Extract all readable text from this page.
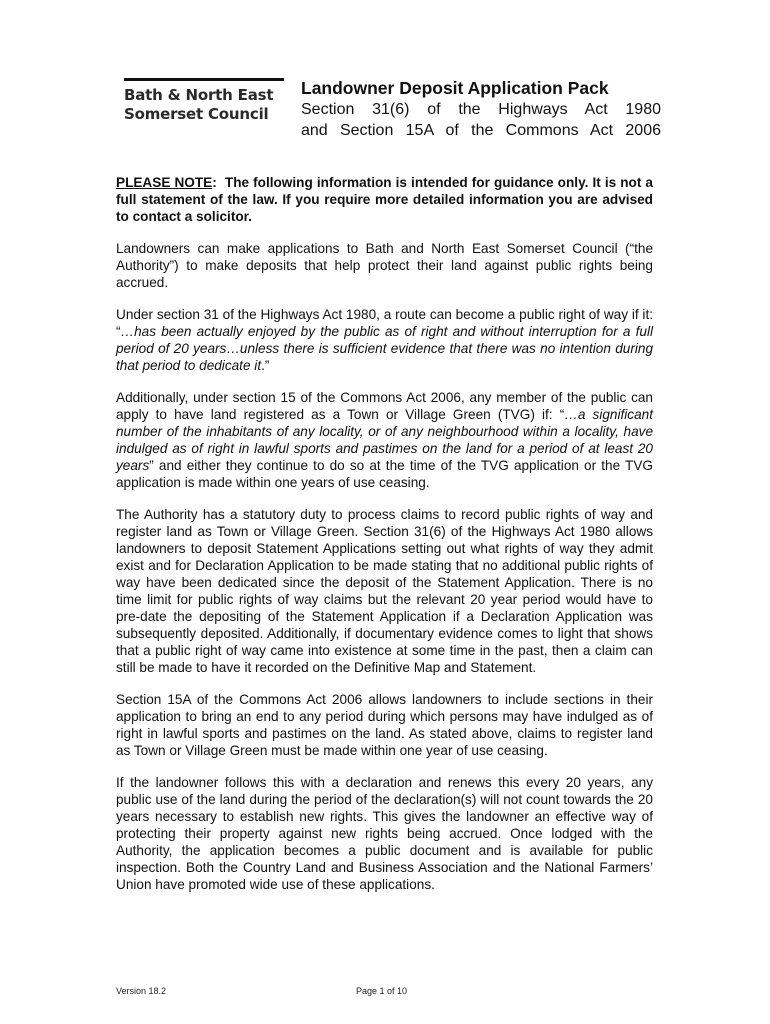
Bath & North East
Somerset Council
Landowner Deposit Application Pack
Section 31(6) of the Highways Act 1980
and Section 15A of the Commons Act 2006

PLEASE NOTE: The following information is intended for guidance only. It is not a full statement of the law. If you require more detailed information you are advised to contact a solicitor.

Landowners can make applications to Bath and North East Somerset Council (“the Authority”) to make deposits that help protect their land against public rights being accrued.

Under section 31 of the Highways Act 1980, a route can become a public right of way if it: “…has been actually enjoyed by the public as of right and without interruption for a full period of 20 years…unless there is sufficient evidence that there was no intention during that period to dedicate it.”

Additionally, under section 15 of the Commons Act 2006, any member of the public can apply to have land registered as a Town or Village Green (TVG) if: “…a significant number of the inhabitants of any locality, or of any neighbourhood within a locality, have indulged as of right in lawful sports and pastimes on the land for a period of at least 20 years” and either they continue to do so at the time of the TVG application or the TVG application is made within one years of use ceasing.

The Authority has a statutory duty to process claims to record public rights of way and register land as Town or Village Green. Section 31(6) of the Highways Act 1980 allows landowners to deposit Statement Applications setting out what rights of way they admit exist and for Declaration Application to be made stating that no additional public rights of way have been dedicated since the deposit of the Statement Application. There is no time limit for public rights of way claims but the relevant 20 year period would have to pre-date the depositing of the Statement Application if a Declaration Application was subsequently deposited. Additionally, if documentary evidence comes to light that shows that a public right of way came into existence at some time in the past, then a claim can still be made to have it recorded on the Definitive Map and Statement.

Section 15A of the Commons Act 2006 allows landowners to include sections in their application to bring an end to any period during which persons may have indulged as of right in lawful sports and pastimes on the land. As stated above, claims to register land as Town or Village Green must be made within one year of use ceasing.

If the landowner follows this with a declaration and renews this every 20 years, any public use of the land during the period of the declaration(s) will not count towards the 20 years necessary to establish new rights. This gives the landowner an effective way of protecting their property against new rights being accrued. Once lodged with the Authority, the application becomes a public document and is available for public inspection. Both the Country Land and Business Association and the National Farmers’ Union have promoted wide use of these applications.

Version 18.2	Page 1 of 10
